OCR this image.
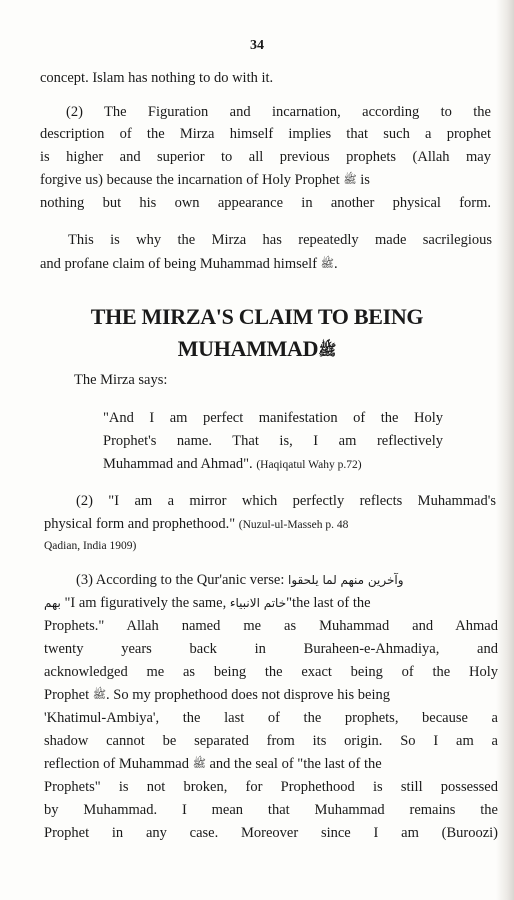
34
concept. Islam has nothing to do with it.
(2) The Figuration and incarnation, according to the
description of the Mirza himself implies that such a prophet
is higher and superior to all previous prophets (Allah may
forgive us) because the incarnation of Holy Prophet ﷺ is
nothing but his own appearance in another physical form.
This is why the Mirza has repeatedly made sacrilegious
and profane claim of being Muhammad himself ﷺ.
THE MIRZA'S CLAIM TO BEING
MUHAMMADﷺ
The Mirza says:
"And I am perfect manifestation of the Holy
Prophet's name. That is, I am reflectively
Muhammad and Ahmad". (Haqiqatul Wahy p.72)
(2) "I am a mirror which perfectly reflects Muhammad's
physical form and prophethood." (Nuzul-ul-Masseh p. 48
Qadian, India 1909)
(3) According to the Qur'anic verse: وآخرين منهم لما يلحقوا
بهم "I am figuratively the same, خاتم الانبياء"the last of the
Prophets." Allah named me as Muhammad and Ahmad
twenty years back in Buraheen-e-Ahmadiya, and
acknowledged me as being the exact being of the Holy
Prophet ﷺ. So my prophethood does not disprove his being
'Khatimul-Ambiya', the last of the prophets, because a
shadow cannot be separated from its origin. So I am a
reflection of Muhammad ﷺ and the seal of "the last of the
Prophets" is not broken, for Prophethood is still possessed
by Muhammad. I mean that Muhammad remains the
Prophet in any case. Moreover since I am (Buroozi)
